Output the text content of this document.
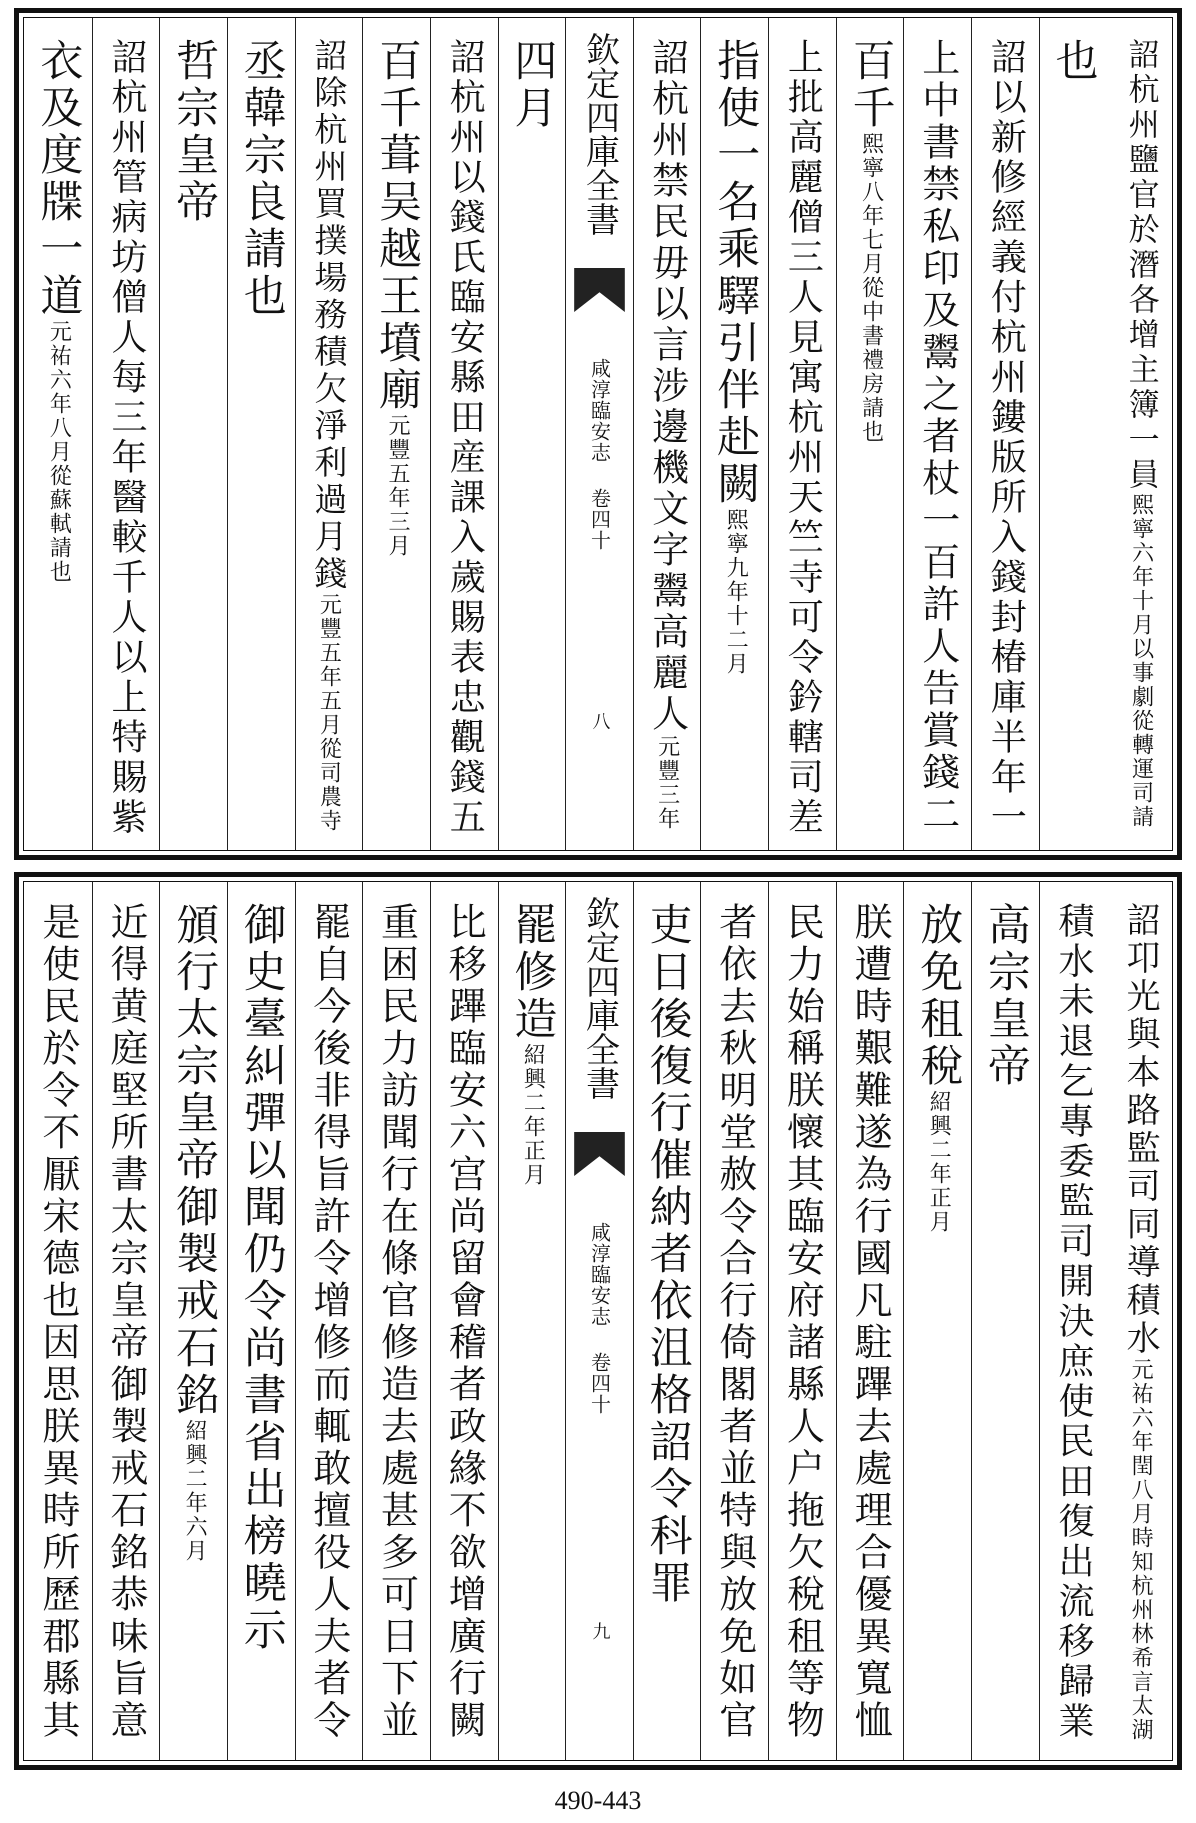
詔杭州鹽官於潛各增主簿一員熙寧六年十月以事劇從轉運司請
也
詔以新修經義付杭州鏤版所入錢封椿庫半年一
上中書禁私印及鬻之者杖一百許人告賞錢二
百千熙寧八年七月從中書禮房請也
上批高麗僧三人見寓杭州天竺寺可令鈐轄司差
指使一名乘驛引伴赴闕熙寧九年十二月
詔杭州禁民毋以言涉邊機文字鬻高麗人元豐三年
欽定四庫全書
咸淳臨安志 卷四十
八
四月
詔杭州以錢氏臨安縣田産課入歲賜表忠觀錢五
百千葺吴越王墳廟元豐五年三月
詔除杭州買撲場務積欠淨利過月錢元豐五年五月從司農寺
丞韓宗良請也
哲宗皇帝
詔杭州管病坊僧人每三年醫較千人以上特賜紫
衣及度牒一道元祐六年八月從蘇軾請也
詔卭光與本路監司同導積水元祐六年閏八月時知杭州林希言太湖
積水未退乞專委監司開決庶使民田復出流移歸業
高宗皇帝
放免租稅紹興二年正月
朕遭時艱難遂為行國凡駐蹕去處理合優異寬恤
民力始稱朕懷其臨安府諸縣人户拖欠稅租等物
者依去秋明堂赦令合行倚閣者並特與放免如官
吏日後復行催納者依沮格詔令科罪
欽定四庫全書
咸淳臨安志 卷四十
九
罷修造紹興二年正月
比移蹕臨安六宫尚留會稽者政緣不欲增廣行闕
重困民力訪聞行在條官修造去處甚多可日下並
罷自今後非得旨許令增修而輒敢擅役人夫者令
御史臺糾彈以聞仍令尚書省出榜曉示
頒行太宗皇帝御製戒石銘紹興二年六月
近得黄庭堅所書太宗皇帝御製戒石銘恭味旨意
是使民於令不厭宋德也因思朕異時所歷郡縣其
490-443
